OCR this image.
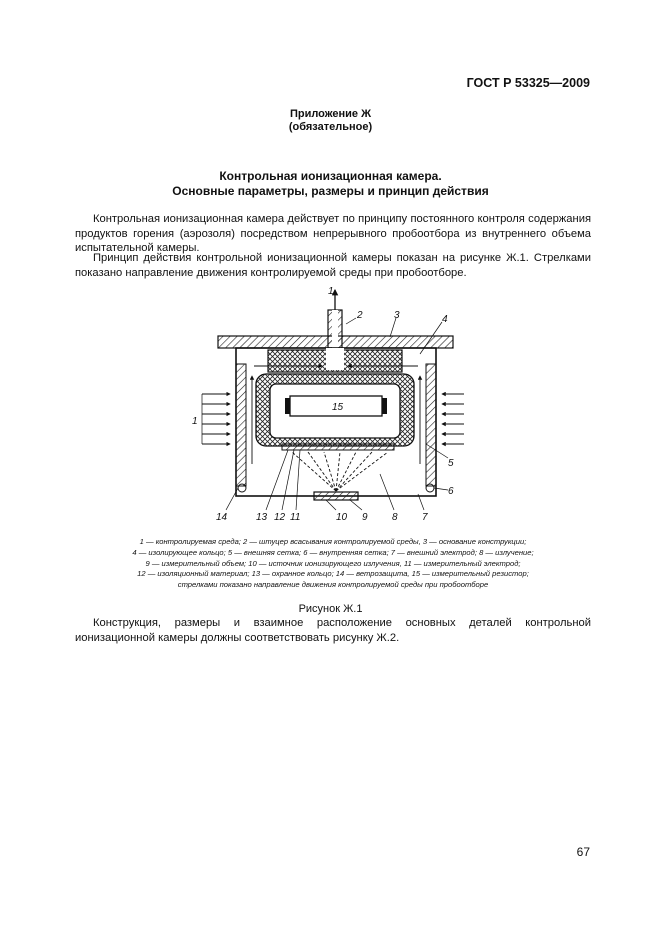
ГОСТ Р 53325—2009
Приложение Ж
(обязательное)
Контрольная ионизационная камера.
Основные параметры, размеры и принцип действия
Контрольная ионизационная камера действует по принципу постоянного контроля содержания продуктов горения (аэрозоля) посредством непрерывного пробоотбора из внутреннего объема испытательной камеры.
Принцип действия контрольной ионизационной камеры показан на рисунке Ж.1. Стрелками показано направление движения контролируемой среды при пробоотборе.
15
1
2	3	4
1
5
6
14	13 12 11	10 9 8 7
1 — контролируемая среда; 2 — штуцер всасывания контролируемой среды, 3 — основание конструкции;
4 — изолирующее кольцо; 5 — внешняя сетка; 6 — внутренняя сетка; 7 — внешний электрод; 8 — излучение;
9 — измерительный объем; 10 — источник ионизирующего излучения, 11 — измерительный электрод;
12 — изоляционный материал; 13 — охранное кольцо; 14 — ветрозащита, 15 — измерительный резистор;
стрелками показано направление движения контролируемой среды при пробоотборе
Рисунок Ж.1
Конструкция, размеры и взаимное расположение основных деталей контрольной ионизационной камеры должны соответствовать рисунку Ж.2.
67
